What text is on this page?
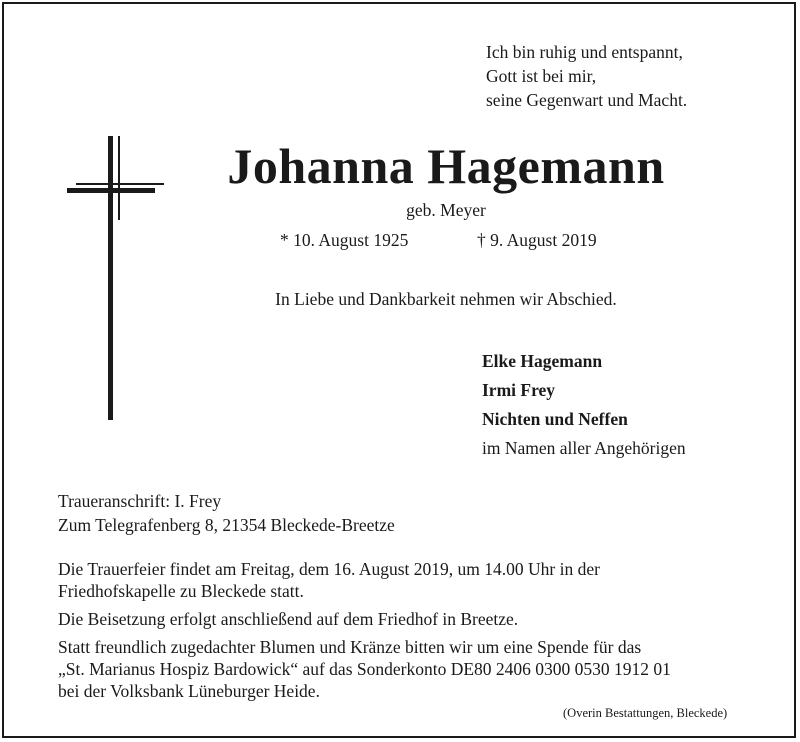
Ich bin ruhig und entspannt,
Gott ist bei mir,
seine Gegenwart und Macht.
Johanna Hagemann
geb. Meyer
* 10. August 1925	† 9. August 2019
In Liebe und Dankbarkeit nehmen wir Abschied.
Elke Hagemann
Irmi Frey
Nichten und Neffen
im Namen aller Angehörigen
Traueranschrift: I. Frey
Zum Telegrafenberg 8, 21354 Bleckede-Breetze

Die Trauerfeier findet am Freitag, dem 16. August 2019, um 14.00 Uhr in der
Friedhofskapelle zu Bleckede statt.

Die Beisetzung erfolgt anschließend auf dem Friedhof in Breetze.

Statt freundlich zugedachter Blumen und Kränze bitten wir um eine Spende für das
„St. Marianus Hospiz Bardowick“ auf das Sonderkonto DE80 2406 0300 0530 1912 01
bei der Volksbank Lüneburger Heide.

(Overin Bestattungen, Bleckede)
